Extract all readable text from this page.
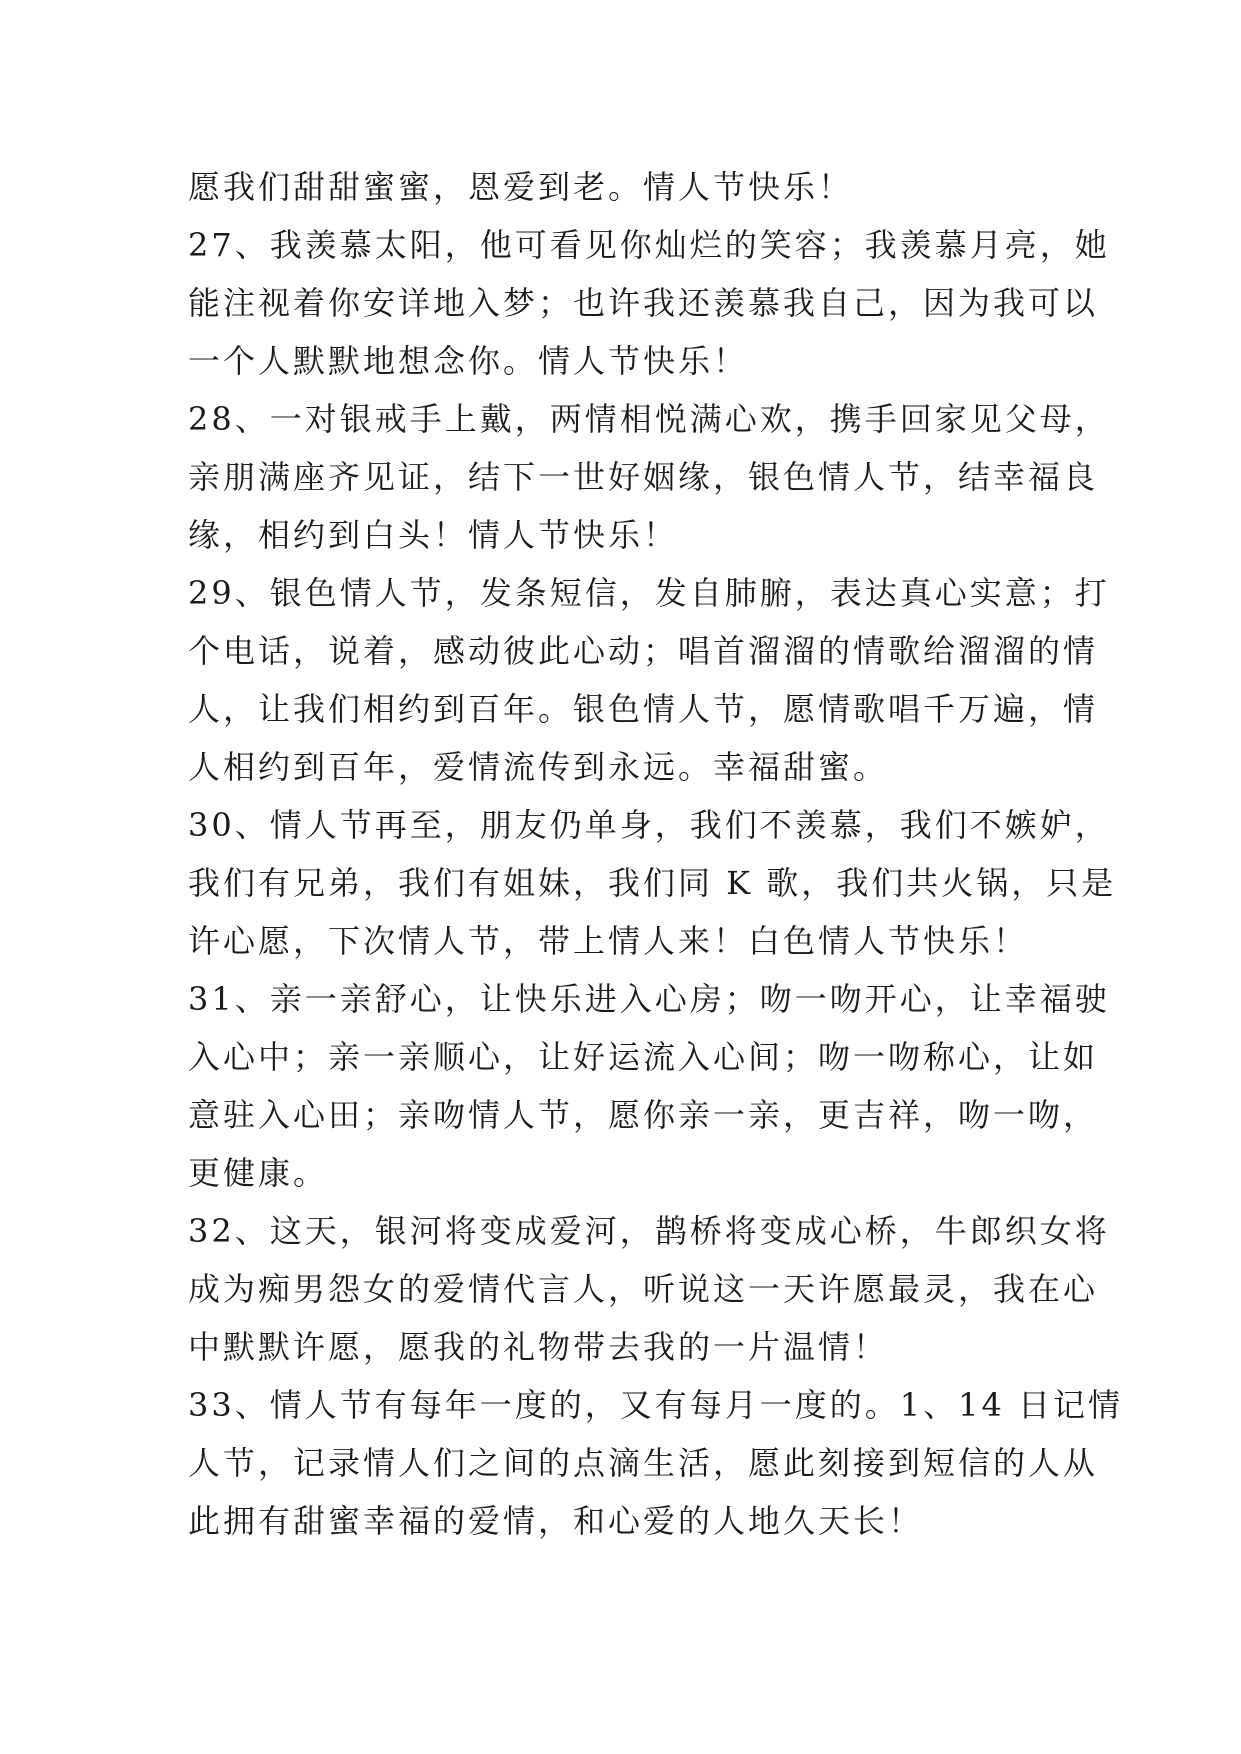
愿我们甜甜蜜蜜，恩爱到老。情人节快乐！
27、我羡慕太阳，他可看见你灿烂的笑容；我羡慕月亮，她
能注视着你安详地入梦；也许我还羡慕我自己，因为我可以
一个人默默地想念你。情人节快乐！
28、一对银戒手上戴，两情相悦满心欢，携手回家见父母，
亲朋满座齐见证，结下一世好姻缘，银色情人节，结幸福良
缘，相约到白头！情人节快乐！
29、银色情人节，发条短信，发自肺腑，表达真心实意；打
个电话，说着，感动彼此心动；唱首溜溜的情歌给溜溜的情
人，让我们相约到百年。银色情人节，愿情歌唱千万遍，情
人相约到百年，爱情流传到永远。幸福甜蜜。
30、情人节再至，朋友仍单身，我们不羡慕，我们不嫉妒，
我们有兄弟，我们有姐妹，我们同 K 歌，我们共火锅，只是
许心愿，下次情人节，带上情人来！白色情人节快乐！
31、亲一亲舒心，让快乐进入心房；吻一吻开心，让幸福驶
入心中；亲一亲顺心，让好运流入心间；吻一吻称心，让如
意驻入心田；亲吻情人节，愿你亲一亲，更吉祥，吻一吻，
更健康。
32、这天，银河将变成爱河，鹊桥将变成心桥，牛郎织女将
成为痴男怨女的爱情代言人，听说这一天许愿最灵，我在心
中默默许愿，愿我的礼物带去我的一片温情！
33、情人节有每年一度的，又有每月一度的。1、14 日记情
人节，记录情人们之间的点滴生活，愿此刻接到短信的人从
此拥有甜蜜幸福的爱情，和心爱的人地久天长！
